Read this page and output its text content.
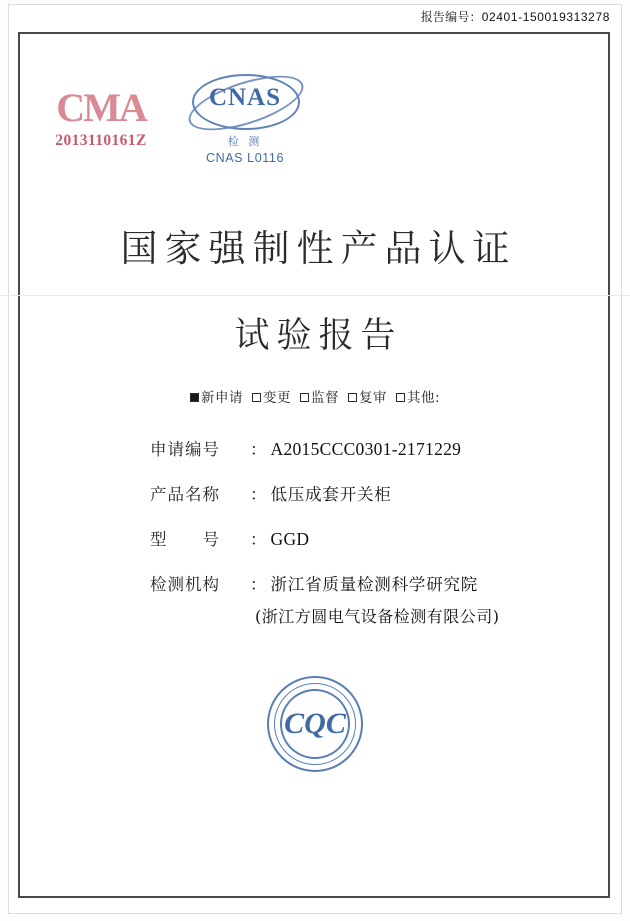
报告编号：02401-150019313278
CMA
2013110161Z
CNAS
检 测
CNAS L0116
国家强制性产品认证
试验报告
新申请 变更 监督 复审 其他:
申请编号	： A2015CCC0301-2171229
产品名称	： 低压成套开关柜
型　　号	： GGD
检测机构	： 浙江省质量检测科学研究院
(浙江方圆电气设备检测有限公司)
CQC
